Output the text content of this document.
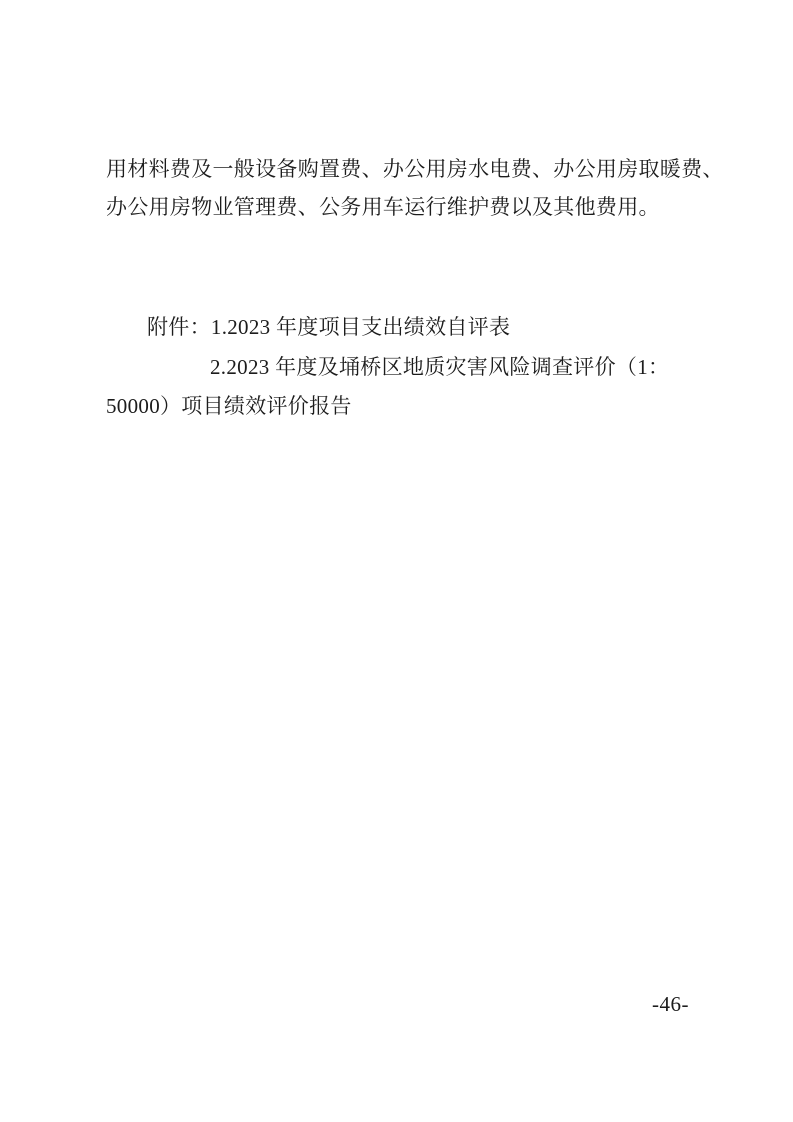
用材料费及一般设备购置费、办公用房水电费、办公用房取暖费、

办公用房物业管理费、公务用车运行维护费以及其他费用。

附件：1.2023 年度项目支出绩效自评表

2.2023 年度及埇桥区地质灾害风险调查评价（1：

50000）项目绩效评价报告

-46-
